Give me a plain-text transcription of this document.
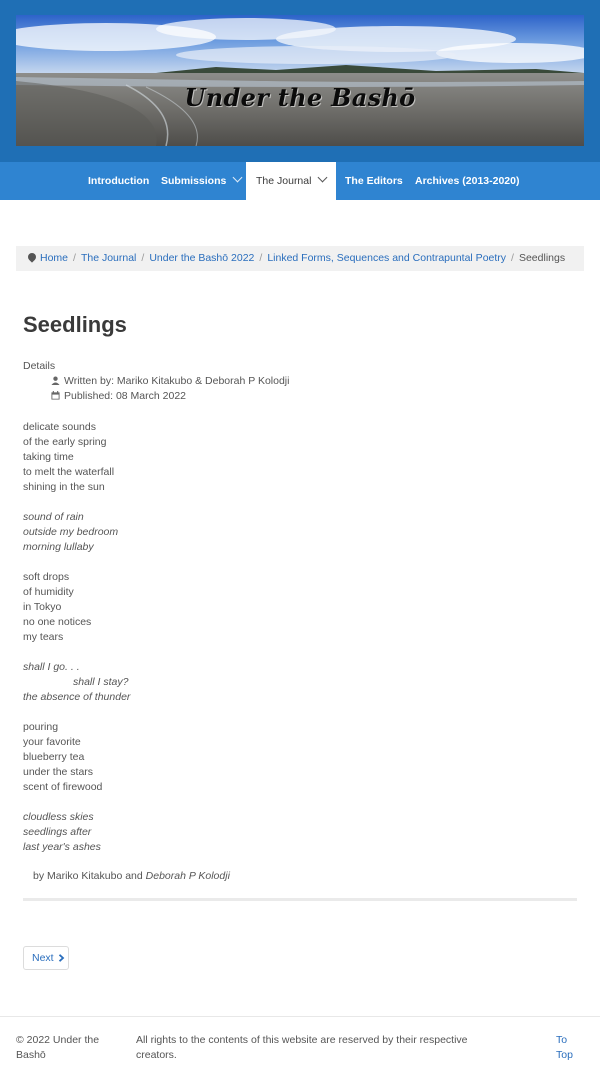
Under the Bashō
Introduction Submissions	The Journal	The Editors Archives (2013-2020)
Home / The Journal / Under the Bashō 2022 / Linked Forms, Sequences and Contrapuntal Poetry / Seedlings
Seedlings
Details
Written by: Mariko Kitakubo & Deborah P Kolodji
Published: 08 March 2022
delicate sounds
of the early spring
taking time
to melt the waterfall
shining in the sun
sound of rain
outside my bedroom
morning lullaby
soft drops
of humidity
in Tokyo
no one notices
my tears
shall I go. . .
shall I stay?
the absence of thunder
pouring
your favorite
blueberry tea
under the stars
scent of firewood
cloudless skies
seedlings after
last year's ashes
by Mariko Kitakubo and Deborah P Kolodji
Next
© 2022 Under the Bashō
All rights to the contents of this website are reserved by their respective creators.
To Top
